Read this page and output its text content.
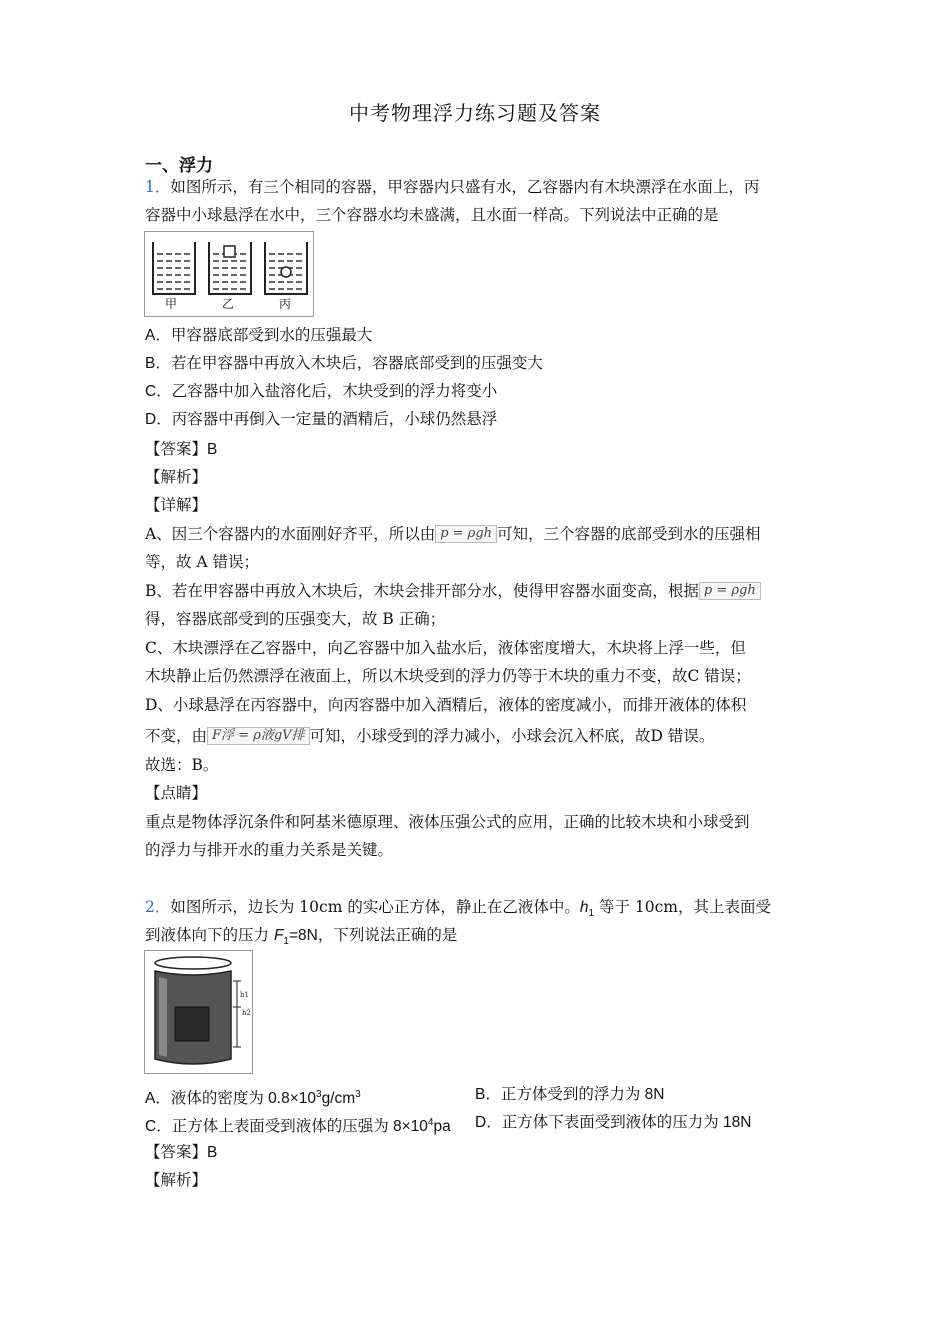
中考物理浮力练习题及答案
一、浮力
1．如图所示，有三个相同的容器，甲容器内只盛有水，乙容器内有木块漂浮在水面上，丙
容器中小球悬浮在水中，三个容器水均未盛满，且水面一样高。下列说法中正确的是
甲	乙	丙
A．甲容器底部受到水的压强最大
B．若在甲容器中再放入木块后，容器底部受到的压强变大
C．乙容器中加入盐溶化后，木块受到的浮力将变小
D．丙容器中再倒入一定量的酒精后，小球仍然悬浮
【答案】B
【解析】
【详解】
A、因三个容器内的水面刚好齐平，所以由 p = ρgh 可知，三个容器的底部受到水的压强相
等，故 A 错误；
B、若在甲容器中再放入木块后，木块会排开部分水，使得甲容器水面变高，根据 p = ρgh
得，容器底部受到的压强变大，故 B 正确；
C、木块漂浮在乙容器中，向乙容器中加入盐水后，液体密度增大，木块将上浮一些，但
木块静止后仍然漂浮在液面上，所以木块受到的浮力仍等于木块的重力不变，故C 错误；
D、小球悬浮在丙容器中，向丙容器中加入酒精后，液体的密度减小，而排开液体的体积
不变，由 F浮 = ρ液gV排 可知，小球受到的浮力减小，小球会沉入杯底，故D 错误。
故选：B。
【点睛】
重点是物体浮沉条件和阿基米德原理、液体压强公式的应用，正确的比较木块和小球受到
的浮力与排开水的重力关系是关键。
2．如图所示，边长为 10cm 的实心正方体，静止在乙液体中。$h_1$ 等于 10cm，其上表面受
到液体向下的压力 $F_1=8N$，下列说法正确的是
h1
h2
A．液体的密度为 $0.8\times 10^3g/cm^3$	B．正方体受到的浮力为 8N
C．正方体上表面受到液体的压强为 $8\times 10^4pa$ D．正方体下表面受到液体的压力为 18N
【答案】B
【解析】
